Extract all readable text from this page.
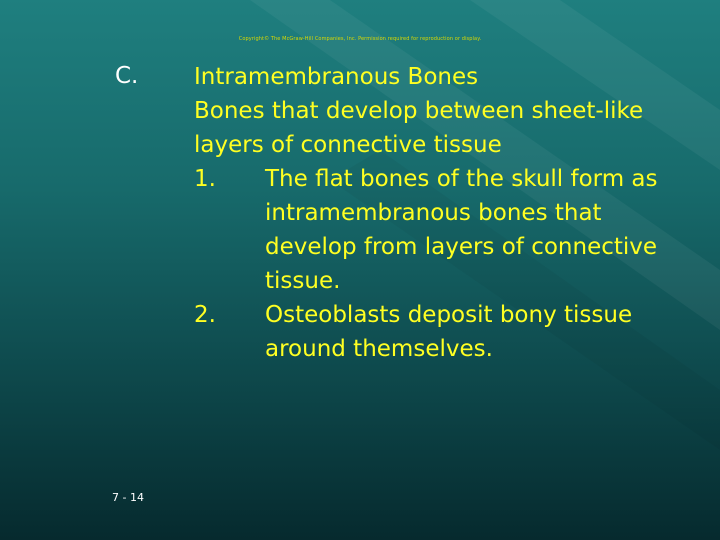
Copyright© The McGraw-Hill Companies, Inc. Permission required for reproduction or display.
C. Intramembranous Bones

Bones that develop between sheet-like layers of connective tissue

1. The flat bones of the skull form as intramembranous bones that develop from layers of connective tissue.
2. Osteoblasts deposit bony tissue around themselves.
7 - 14
